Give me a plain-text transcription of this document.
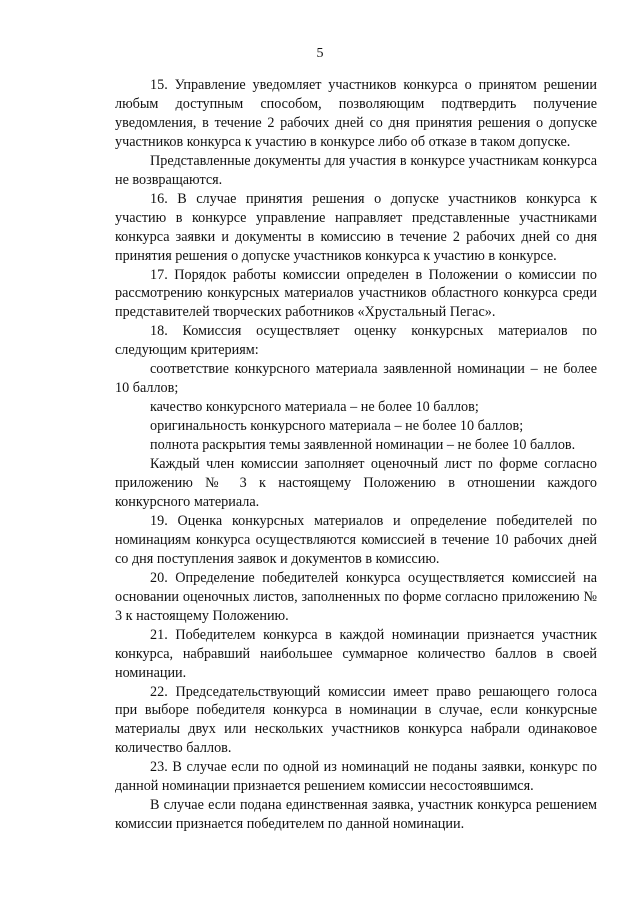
5

15. Управление уведомляет участников конкурса о принятом решении любым доступным способом, позволяющим подтвердить получение уведомления, в течение 2 рабочих дней со дня принятия решения о допуске участников конкурса к участию в конкурсе либо об отказе в таком допуске.

Представленные документы для участия в конкурсе участникам конкурса не возвращаются.

16. В случае принятия решения о допуске участников конкурса к участию в конкурсе управление направляет представленные участниками конкурса заявки и документы в комиссию в течение 2 рабочих дней со дня принятия решения о допуске участников конкурса к участию в конкурсе.

17. Порядок работы комиссии определен в Положении о комиссии по рассмотрению конкурсных материалов участников областного конкурса среди представителей творческих работников «Хрустальный Пегас».

18. Комиссия осуществляет оценку конкурсных материалов по следующим критериям:

соответствие конкурсного материала заявленной номинации – не более 10 баллов;

качество конкурсного материала – не более 10 баллов;

оригинальность конкурсного материала – не более 10 баллов;

полнота раскрытия темы заявленной номинации – не более 10 баллов.

Каждый член комиссии заполняет оценочный лист по форме согласно приложению № 3 к настоящему Положению в отношении каждого конкурсного материала.

19. Оценка конкурсных материалов и определение победителей по номинациям конкурса осуществляются комиссией в течение 10 рабочих дней со дня поступления заявок и документов в комиссию.

20. Определение победителей конкурса осуществляется комиссией на основании оценочных листов, заполненных по форме согласно приложению № 3 к настоящему Положению.

21. Победителем конкурса в каждой номинации признается участник конкурса, набравший наибольшее суммарное количество баллов в своей номинации.

22. Председательствующий комиссии имеет право решающего голоса при выборе победителя конкурса в номинации в случае, если конкурсные материалы двух или нескольких участников конкурса набрали одинаковое количество баллов.

23. В случае если по одной из номинаций не поданы заявки, конкурс по данной номинации признается решением комиссии несостоявшимся.

В случае если подана единственная заявка, участник конкурса решением комиссии признается победителем по данной номинации.
